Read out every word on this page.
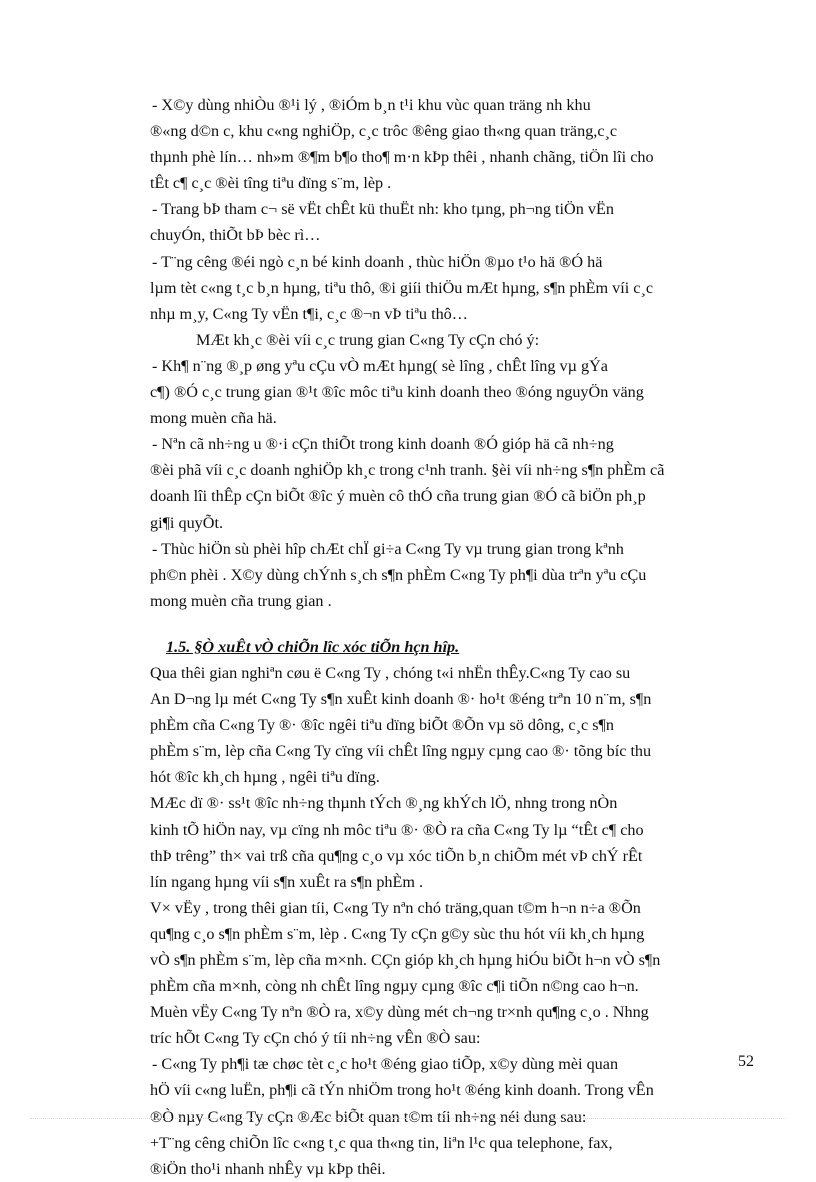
- X©y dùng nhiÒu ®¹i lý , ®iÓm b¸n t¹i khu vùc quan träng nh khu

®«ng d©n c, khu c«ng nghiÖp, c¸c trôc ®êng giao th«ng quan träng,c¸c

thµnh phè lín… nh»m ®¶m b¶o tho¶ m·n kÞp thêi , nhanh chãng, tiÖn lîi cho

tÊt c¶ c¸c ®èi tîng tiªu dïng s¨m, lèp .

- Trang bÞ tham c¬ së vËt chÊt kü thuËt nh: kho tµng, ph¬ng tiÖn vËn

chuyÓn, thiÕt bÞ bèc rì…

- T¨ng cêng ®éi ngò c¸n bé kinh doanh , thùc hiÖn ®µo t¹o hä ®Ó hä

lµm tèt c«ng t¸c b¸n hµng, tiªu thô, ®i giíi thiÖu mÆt hµng, s¶n phÈm víi c¸c

nhµ m¸y, C«ng Ty vËn t¶i, c¸c ®¬n vÞ tiªu thô…

MÆt kh¸c ®èi víi c¸c trung gian C«ng Ty cÇn chó ý:

- Kh¶ n¨ng ®¸p øng yªu cÇu vÒ mÆt hµng( sè lîng , chÊt lîng vµ gÝa

c¶) ®Ó c¸c trung gian ®¹t ®îc môc tiªu kinh doanh theo ®óng nguyÖn väng

mong muèn cña hä.

- Nªn cã nh÷ng u ®·i cÇn thiÕt trong kinh doanh ®Ó gióp hä cã nh÷ng

®èi phã víi c¸c doanh nghiÖp kh¸c trong c¹nh tranh. §èi víi nh÷ng s¶n phÈm cã

doanh lîi thÊp cÇn biÕt ®îc ý muèn cô thÓ cña trung gian ®Ó cã biÖn ph¸p

gi¶i quyÕt.

- Thùc hiÖn sù phèi hîp chÆt chÏ gi÷a C«ng Ty vµ trung gian trong kªnh

ph©n phèi . X©y dùng chÝnh s¸ch s¶n phÈm C«ng Ty ph¶i dùa trªn yªu cÇu

mong muèn cña trung gian .

1.5. §Ò xuÊt vÒ chiÕn lîc xóc tiÕn hçn hîp.

Qua thêi gian nghiªn cøu ë C«ng Ty , chóng t«i nhËn thÊy.C«ng Ty cao su

An D¬ng lµ mét C«ng Ty s¶n xuÊt kinh doanh ®· ho¹t ®éng trªn 10 n¨m, s¶n

phÈm cña C«ng Ty ®· ®îc ngêi tiªu dïng biÕt ®Õn vµ sö dông, c¸c s¶n

phÈm s¨m, lèp cña C«ng Ty cïng víi chÊt lîng ngµy cµng cao ®· tõng bíc thu

hót ®îc kh¸ch hµng , ngêi tiªu dïng.

MÆc dï ®· ss¹t ®îc nh÷ng thµnh tÝch ®¸ng khÝch lÖ, nhng trong nÒn

kinh tÕ hiÖn nay, vµ cïng nh môc tiªu ®· ®Ò ra cña C«ng Ty lµ “tÊt c¶ cho

thÞ trêng” th× vai trß cña qu¶ng c¸o vµ xóc tiÕn b¸n chiÕm mét vÞ chÝ rÊt

lín ngang hµng víi s¶n xuÊt ra s¶n phÈm .

V× vËy , trong thêi gian tíi, C«ng Ty nªn chó träng,quan t©m h¬n n÷a ®Õn

qu¶ng c¸o s¶n phÈm s¨m, lèp . C«ng Ty cÇn g©y sùc thu hót víi kh¸ch hµng

vÒ s¶n phÈm s¨m, lèp cña m×nh. CÇn gióp kh¸ch hµng hiÓu biÕt h¬n vÒ s¶n

phÈm cña m×nh, còng nh chÊt lîng ngµy cµng ®îc c¶i tiÕn n©ng cao h¬n.

Muèn vËy C«ng Ty nªn ®Ò ra, x©y dùng mét ch¬ng tr×nh qu¶ng c¸o . Nhng

tríc hÕt C«ng Ty cÇn chó ý tíi nh÷ng vÊn ®Ò sau:

- C«ng Ty ph¶i tæ chøc tèt c¸c ho¹t ®éng giao tiÕp, x©y dùng mèi quan

hÖ víi c«ng luËn, ph¶i cã tÝn nhiÖm trong ho¹t ®éng kinh doanh. Trong vÊn

®Ò nµy C«ng Ty cÇn ®Æc biÕt quan t©m tíi nh÷ng néi dung sau:

+T¨ng cêng chiÕn lîc c«ng t¸c qua th«ng tin, liªn l¹c qua telephone, fax,

®iÖn tho¹i nhanh nhÊy vµ kÞp thêi.

52
